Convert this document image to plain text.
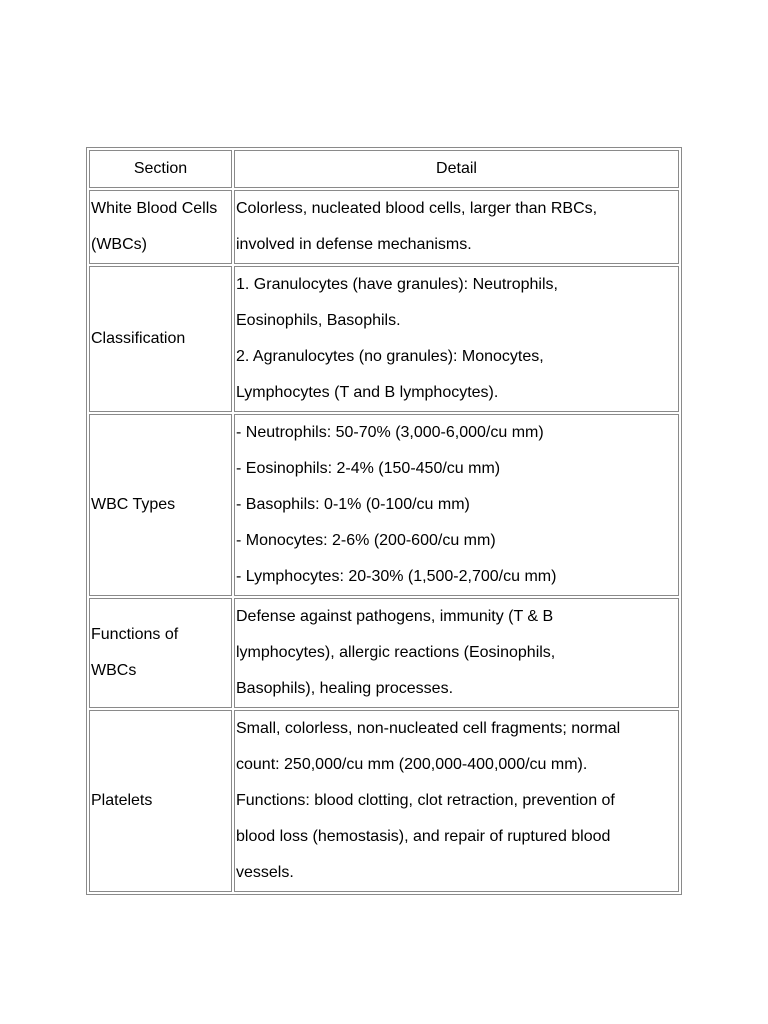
Section	Detail

White Blood Cells
(WBCs)	Colorless, nucleated blood cells, larger than RBCs,
involved in defense mechanisms.

Classification	1. Granulocytes (have granules): Neutrophils,
Eosinophils, Basophils.
2. Agranulocytes (no granules): Monocytes,
Lymphocytes (T and B lymphocytes).

WBC Types	- Neutrophils: 50-70% (3,000-6,000/cu mm)
- Eosinophils: 2-4% (150-450/cu mm)
- Basophils: 0-1% (0-100/cu mm)
- Monocytes: 2-6% (200-600/cu mm)
- Lymphocytes: 20-30% (1,500-2,700/cu mm)

Functions of
WBCs	Defense against pathogens, immunity (T & B
lymphocytes), allergic reactions (Eosinophils,
Basophils), healing processes.

Platelets	Small, colorless, non-nucleated cell fragments; normal
count: 250,000/cu mm (200,000-400,000/cu mm).
Functions: blood clotting, clot retraction, prevention of
blood loss (hemostasis), and repair of ruptured blood
vessels.
